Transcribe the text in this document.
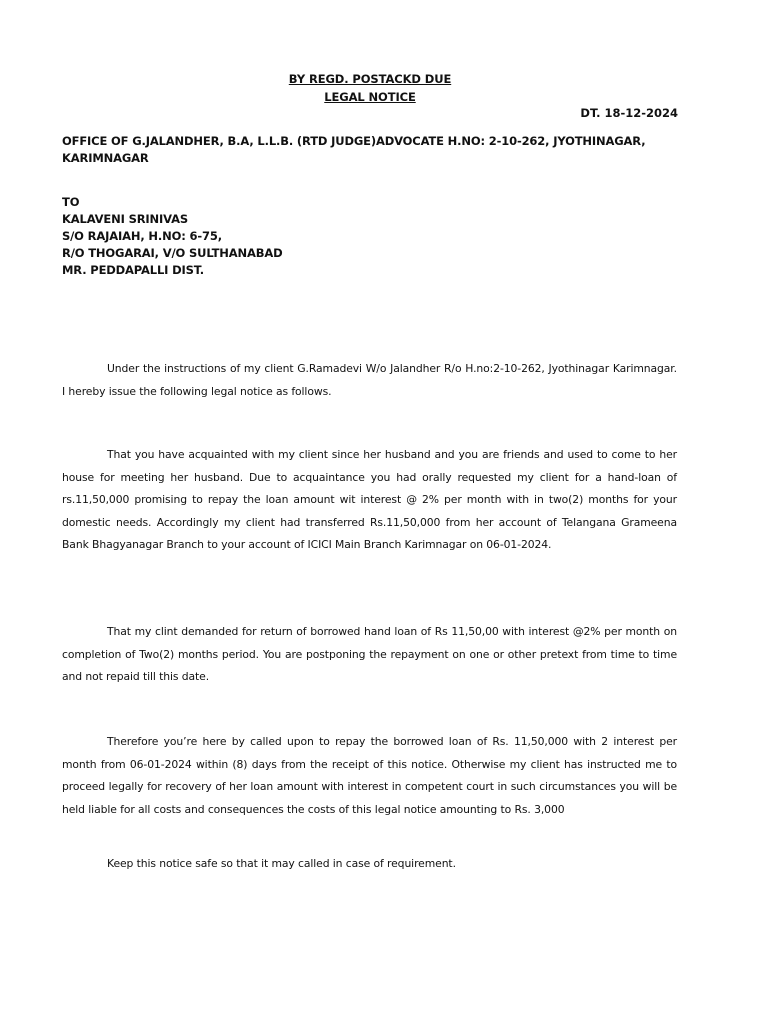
BY REGD. POSTACKD DUE
LEGAL NOTICE
DT. 18-12-2024
OFFICE OF G.JALANDHER, B.A, L.L.B. (RTD JUDGE)ADVOCATE H.NO: 2-10-262, JYOTHINAGAR, KARIMNAGAR
TO
KALAVENI SRINIVAS
S/O RAJAIAH, H.NO: 6-75,
R/O THOGARAI, V/O SULTHANABAD
MR. PEDDAPALLI DIST.
Under the instructions of my client G.Ramadevi W/o Jalandher R/o H.no:2-10-262, Jyothinagar Karimnagar. I hereby issue the following legal notice as follows.
That you have acquainted with my client since her husband and you are friends and used to come to her house for meeting her husband. Due to acquaintance you had orally requested my client for a hand-loan of rs.11,50,000 promising to repay the loan amount wit interest @ 2% per month with in two(2) months for your domestic needs. Accordingly my client had transferred Rs.11,50,000 from her account of Telangana Grameena Bank Bhagyanagar Branch to your account of ICICI Main Branch Karimnagar on 06-01-2024.
That my clint demanded for return of borrowed hand loan of Rs 11,50,00 with interest @2% per month on completion of Two(2) months period. You are postponing the repayment on one or other pretext from time to time and not repaid till this date.
Therefore you’re here by called upon to repay the borrowed loan of Rs. 11,50,000 with 2 interest per month from 06-01-2024 within (8) days from the receipt of this notice. Otherwise my client has instructed me to proceed legally for recovery of her loan amount with interest in competent court in such circumstances you will be held liable for all costs and consequences the costs of this legal notice amounting to Rs. 3,000
Keep this notice safe so that it may called in case of requirement.
